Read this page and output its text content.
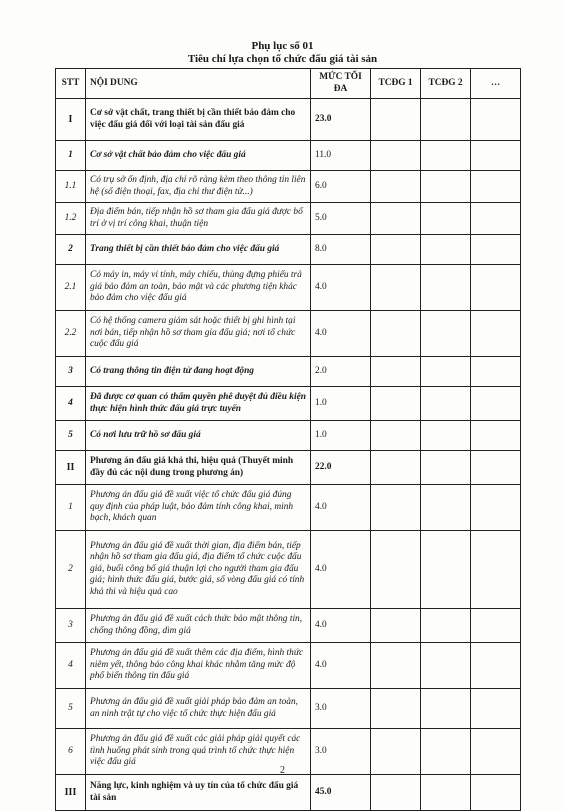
Phụ lục số 01
Tiêu chí lựa chọn tổ chức đấu giá tài sản
STT	NỘI DUNG	MỨC TỐI ĐA	TCĐG 1	TCĐG 2	…
I	Cơ sở vật chất, trang thiết bị cần thiết bảo đảm cho việc đấu giá đối với loại tài sản đấu giá	23.0			
1	Cơ sở vật chất bảo đảm cho việc đấu giá	11.0			
1.1	Có trụ sở ổn định, địa chỉ rõ ràng kèm theo thông tin liên hệ (số điện thoại, fax, địa chỉ thư điện tử...)	6.0			
1.2	Địa điểm bán, tiếp nhận hồ sơ tham gia đấu giá được bố trí ở vị trí công khai, thuận tiện	5.0			
2	Trang thiết bị cần thiết bảo đảm cho việc đấu giá	8.0			
2.1	Có máy in, máy vi tính, máy chiếu, thùng đựng phiếu trả giá bảo đảm an toàn, bảo mật và các phương tiện khác bảo đảm cho việc đấu giá	4.0			
2.2	Có hệ thống camera giám sát hoặc thiết bị ghi hình tại nơi bán, tiếp nhận hồ sơ tham gia đấu giá; nơi tổ chức cuộc đấu giá	4.0			
3	Có trang thông tin điện tử đang hoạt động	2.0			
4	Đã được cơ quan có thẩm quyền phê duyệt đủ điều kiện thực hiện hình thức đấu giá trực tuyến	1.0			
5	Có nơi lưu trữ hồ sơ đấu giá	1.0			
II	Phương án đấu giá khả thi, hiệu quả (Thuyết minh đầy đủ các nội dung trong phương án)	22.0			
1	Phương án đấu giá đề xuất việc tổ chức đấu giá đúng quy định của pháp luật, bảo đảm tính công khai, minh bạch, khách quan	4.0			
2	Phương án đấu giá đề xuất thời gian, địa điểm bán, tiếp nhận hồ sơ tham gia đấu giá, địa điểm tổ chức cuộc đấu giá, buổi công bố giá thuận lợi cho người tham gia đấu giá; hình thức đấu giá, bước giá, số vòng đấu giá có tính khả thi và hiệu quả cao	4.0			
3	Phương án đấu giá đề xuất cách thức bảo mật thông tin, chống thông đồng, dìm giá	4.0			
4	Phương án đấu giá đề xuất thêm các địa điểm, hình thức niêm yết, thông báo công khai khác nhằm tăng mức độ phổ biến thông tin đấu giá	4.0			
5	Phương án đấu giá đề xuất giải pháp bảo đảm an toàn, an ninh trật tự cho việc tổ chức thực hiện đấu giá	3.0			
6	Phương án đấu giá đề xuất các giải pháp giải quyết các tình huống phát sinh trong quá trình tổ chức thực hiện việc đấu giá	3.0			
III	Năng lực, kinh nghiệm và uy tín của tổ chức đấu giá tài sản	45.0			
2
